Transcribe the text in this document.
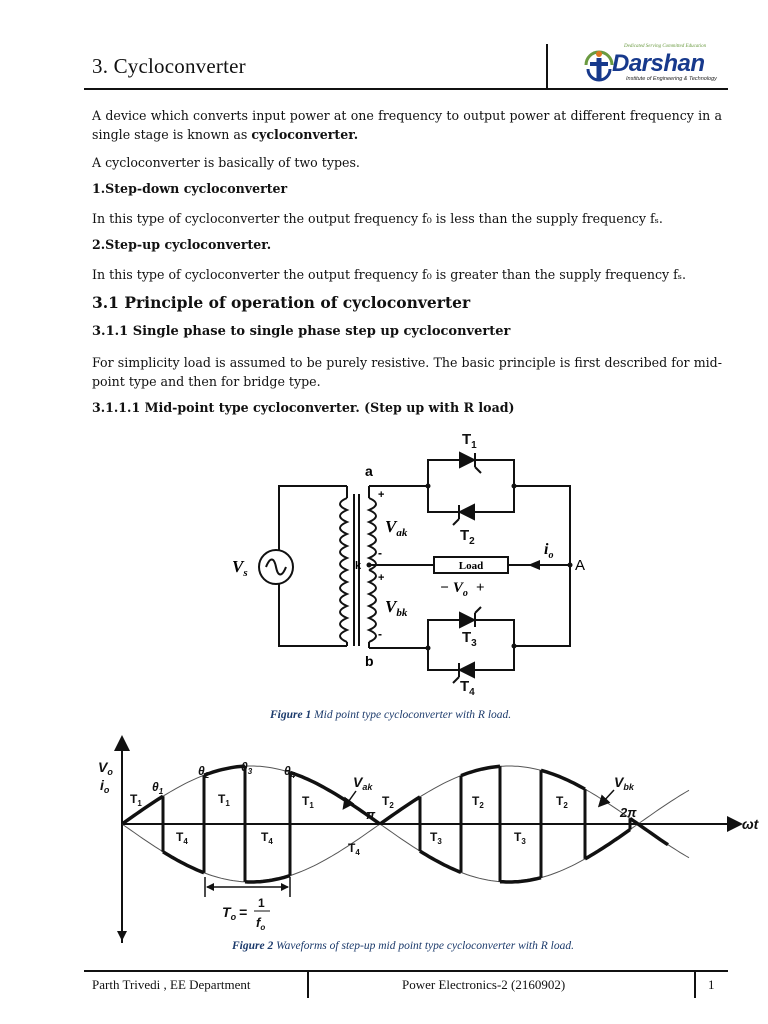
3. Cycloconverter
Dedicated Serving Committed Education
Darshan
Institute of Engineering & Technology
A device which converts input power at one frequency to output power at different frequency in a single stage is known as cycloconverter.
A cycloconverter is basically of two types.
1.Step-down cycloconverter
In this type of cycloconverter the output frequency f₀ is less than the supply frequency fₛ.
2.Step-up cycloconverter.
In this type of cycloconverter the output frequency f₀ is greater than the supply frequency fₛ.
3.1 Principle of operation of cycloconverter
3.1.1 Single phase to single phase step up cycloconverter
For simplicity load is assumed to be purely resistive. The basic principle is first described for mid-point type and then for bridge type.
3.1.1.1 Mid-point type cycloconverter. (Step up with R load)
Load
$T_1$
$T_2$
$T_3$
$T_4$
a
b
k	A
+
-
+
-
$V_s$
$V_{ak}$
$V_{bk}$
$i_o$
− $V_o$ +
Figure 1 Mid point type cycloconverter with R load.
$V_o$
$i_o$	$\theta_1$
$\theta_2$
$\theta_3$	$\theta_4$	$V_{ak}$	$V_{bk}$
π	2π
ωt
$T_1$	$T_1$	$T_1$
$T_4$	$T_4$	$T_4$
$T_2$	$T_2$	$T_2$
$T_3$	$T_3$
$T_o$ =
1
$f_o$
Figure 2 Waveforms of step-up mid point type cycloconverter with R load.
Parth Trivedi , EE Department	Power Electronics-2 (2160902)	1
